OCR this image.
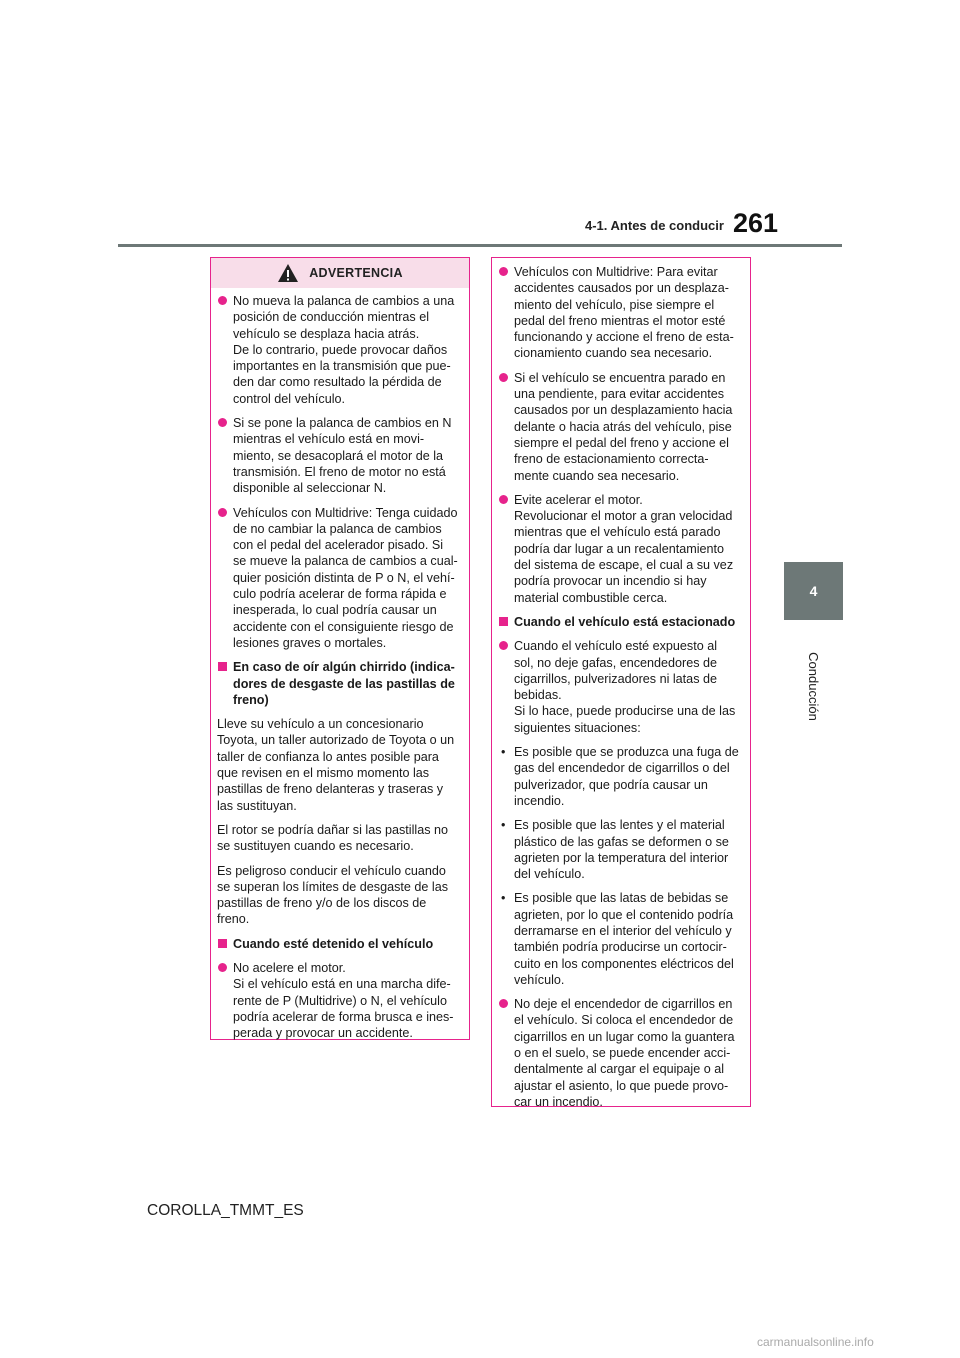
4-1. Antes de conducir 261
4
Conducción
ADVERTENCIA
No mueva la palanca de cambios a una
posición de conducción mientras el
vehículo se desplaza hacia atrás.
De lo contrario, puede provocar daños
importantes en la transmisión que pue-
den dar como resultado la pérdida de
control del vehículo.
Si se pone la palanca de cambios en N
mientras el vehículo está en movi-
miento, se desacoplará el motor de la
transmisión. El freno de motor no está
disponible al seleccionar N.
Vehículos con Multidrive: Tenga cuidado
de no cambiar la palanca de cambios
con el pedal del acelerador pisado. Si
se mueve la palanca de cambios a cual-
quier posición distinta de P o N, el vehí-
culo podría acelerar de forma rápida e
inesperada, lo cual podría causar un
accidente con el consiguiente riesgo de
lesiones graves o mortales.
En caso de oír algún chirrido (indica-
dores de desgaste de las pastillas de
freno)
Lleve su vehículo a un concesionario
Toyota, un taller autorizado de Toyota o un
taller de confianza lo antes posible para
que revisen en el mismo momento las
pastillas de freno delanteras y traseras y
las sustituyan.
El rotor se podría dañar si las pastillas no
se sustituyen cuando es necesario.
Es peligroso conducir el vehículo cuando
se superan los límites de desgaste de las
pastillas de freno y/o de los discos de
freno.
Cuando esté detenido el vehículo
No acelere el motor.
Si el vehículo está en una marcha dife-
rente de P (Multidrive) o N, el vehículo
podría acelerar de forma brusca e ines-
perada y provocar un accidente.
Vehículos con Multidrive: Para evitar
accidentes causados por un desplaza-
miento del vehículo, pise siempre el
pedal del freno mientras el motor esté
funcionando y accione el freno de esta-
cionamiento cuando sea necesario.
Si el vehículo se encuentra parado en
una pendiente, para evitar accidentes
causados por un desplazamiento hacia
delante o hacia atrás del vehículo, pise
siempre el pedal del freno y accione el
freno de estacionamiento correcta-
mente cuando sea necesario.
Evite acelerar el motor.
Revolucionar el motor a gran velocidad
mientras que el vehículo está parado
podría dar lugar a un recalentamiento
del sistema de escape, el cual a su vez
podría provocar un incendio si hay
material combustible cerca.
Cuando el vehículo está estacionado
Cuando el vehículo esté expuesto al
sol, no deje gafas, encendedores de
cigarrillos, pulverizadores ni latas de
bebidas.
Si lo hace, puede producirse una de las
siguientes situaciones:
• Es posible que se produzca una fuga de
gas del encendedor de cigarrillos o del
pulverizador, que podría causar un
incendio.
• Es posible que las lentes y el material
plástico de las gafas se deformen o se
agrieten por la temperatura del interior
del vehículo.
• Es posible que las latas de bebidas se
agrieten, por lo que el contenido podría
derramarse en el interior del vehículo y
también podría producirse un cortocir-
cuito en los componentes eléctricos del
vehículo.
No deje el encendedor de cigarrillos en
el vehículo. Si coloca el encendedor de
cigarrillos en un lugar como la guantera
o en el suelo, se puede encender acci-
dentalmente al cargar el equipaje o al
ajustar el asiento, lo que puede provo-
car un incendio.
COROLLA_TMMT_ES
carmanualsonline.info
